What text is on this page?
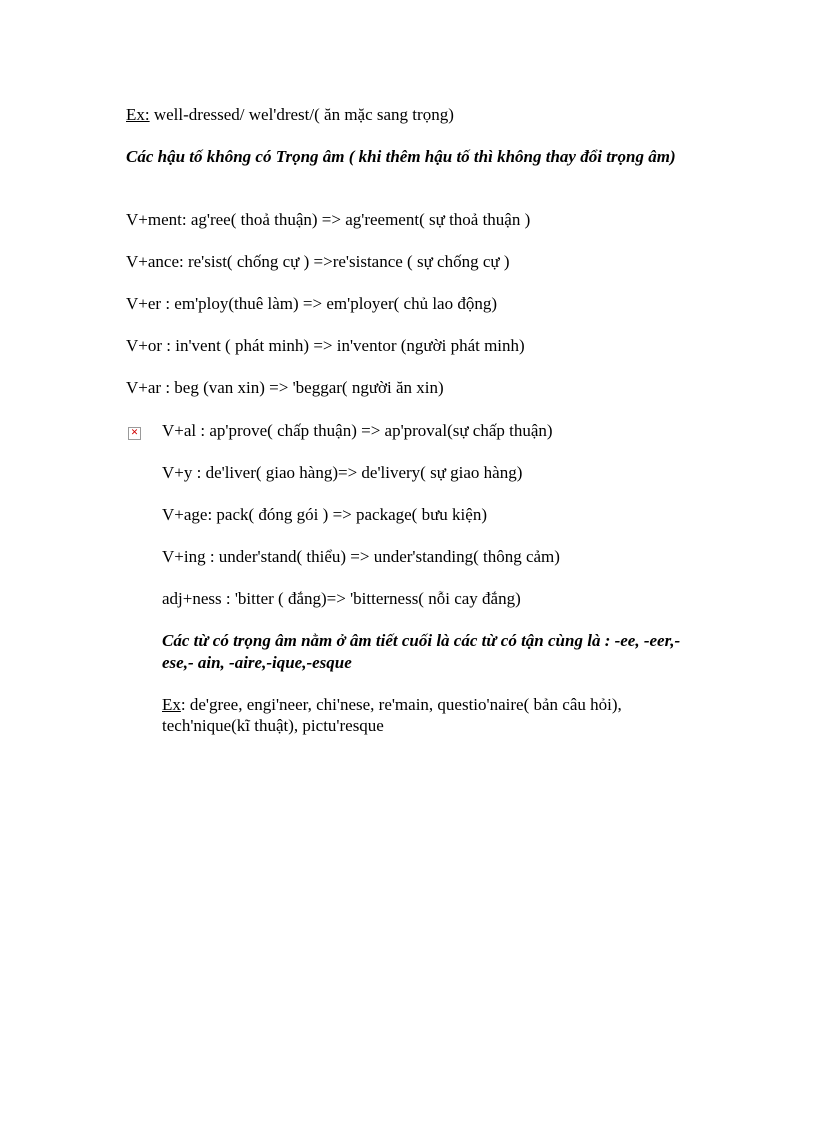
Ex: well-dressed/ wel'drest/( ăn mặc sang trọng)
Các hậu tố không có Trọng âm ( khi thêm hậu tố thì không thay đổi trọng âm)
V+ment: ag'ree( thoả thuận) => ag'reement( sự thoả thuận )
V+ance: re'sist( chống cự ) =>re'sistance ( sự chống cự )
V+er : em'ploy(thuê làm) => em'ployer( chủ lao động)
V+or : in'vent ( phát minh) => in'ventor (người phát minh)
V+ar : beg (van xin) => 'beggar( người ăn xin)
✕ V+al : ap'prove( chấp thuận) => ap'proval(sự chấp thuận)
V+y : de'liver( giao hàng)=> de'livery( sự giao hàng)
V+age: pack( đóng gói ) => package( bưu kiện)
V+ing : under'stand( thiểu) => under'standing( thông cảm)
adj+ness : 'bitter ( đắng)=> 'bitterness( nỗi cay đắng)
Các từ có trọng âm nằm ở âm tiết cuối là các từ có tận cùng là : -ee, -eer,- ese,- ain, -aire,-ique,-esque
Ex: de'gree, engi'neer, chi'nese, re'main, questio'naire( bản câu hỏi),
tech'nique(kĩ thuật), pictu'resque
